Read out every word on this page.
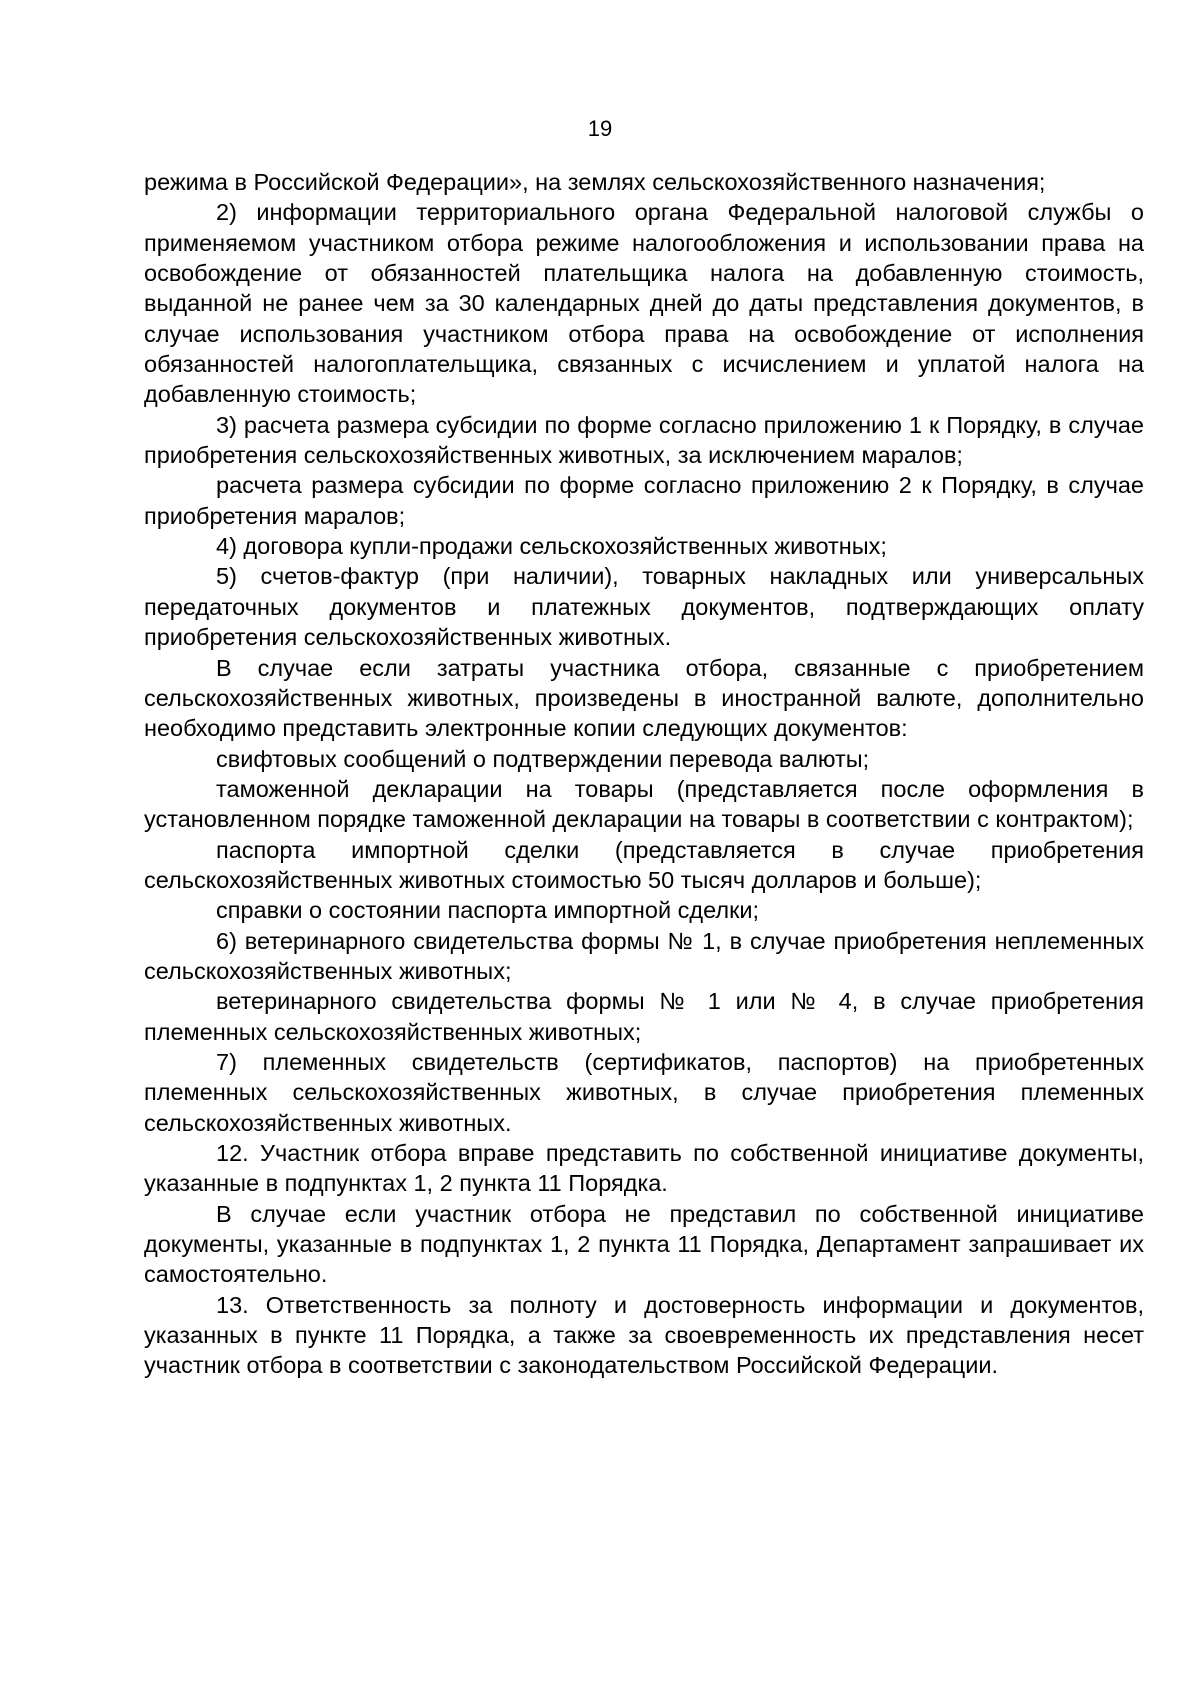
19

режима в Российской Федерации», на землях сельскохозяйственного назначения;

2) информации территориального органа Федеральной налоговой службы о применяемом участником отбора режиме налогообложения и использовании права на освобождение от обязанностей плательщика налога на добавленную стоимость, выданной не ранее чем за 30 календарных дней до даты представления документов, в случае использования участником отбора права на освобождение от исполнения обязанностей налогоплательщика, связанных с исчислением и уплатой налога на добавленную стоимость;

3) расчета размера субсидии по форме согласно приложению 1 к Порядку, в случае приобретения сельскохозяйственных животных, за исключением маралов;

расчета размера субсидии по форме согласно приложению 2 к Порядку, в случае приобретения маралов;

4) договора купли-продажи сельскохозяйственных животных;

5) счетов-фактур (при наличии), товарных накладных или универсальных передаточных документов и платежных документов, подтверждающих оплату приобретения сельскохозяйственных животных.

В случае если затраты участника отбора, связанные с приобретением сельскохозяйственных животных, произведены в иностранной валюте, дополнительно необходимо представить электронные копии следующих документов:

свифтовых сообщений о подтверждении перевода валюты;

таможенной декларации на товары (представляется после оформления в установленном порядке таможенной декларации на товары в соответствии с контрактом);

паспорта импортной сделки (представляется в случае приобретения сельскохозяйственных животных стоимостью 50 тысяч долларов и больше);

справки о состоянии паспорта импортной сделки;

6) ветеринарного свидетельства формы № 1, в случае приобретения неплеменных сельскохозяйственных животных;

ветеринарного свидетельства формы № 1 или № 4, в случае приобретения племенных сельскохозяйственных животных;

7) племенных свидетельств (сертификатов, паспортов) на приобретенных племенных сельскохозяйственных животных, в случае приобретения племенных сельскохозяйственных животных.

12. Участник отбора вправе представить по собственной инициативе документы, указанные в подпунктах 1, 2 пункта 11 Порядка.

В случае если участник отбора не представил по собственной инициативе документы, указанные в подпунктах 1, 2 пункта 11 Порядка, Департамент запрашивает их самостоятельно.

13. Ответственность за полноту и достоверность информации и документов, указанных в пункте 11 Порядка, а также за своевременность их представления несет участник отбора в соответствии с законодательством Российской Федерации.
